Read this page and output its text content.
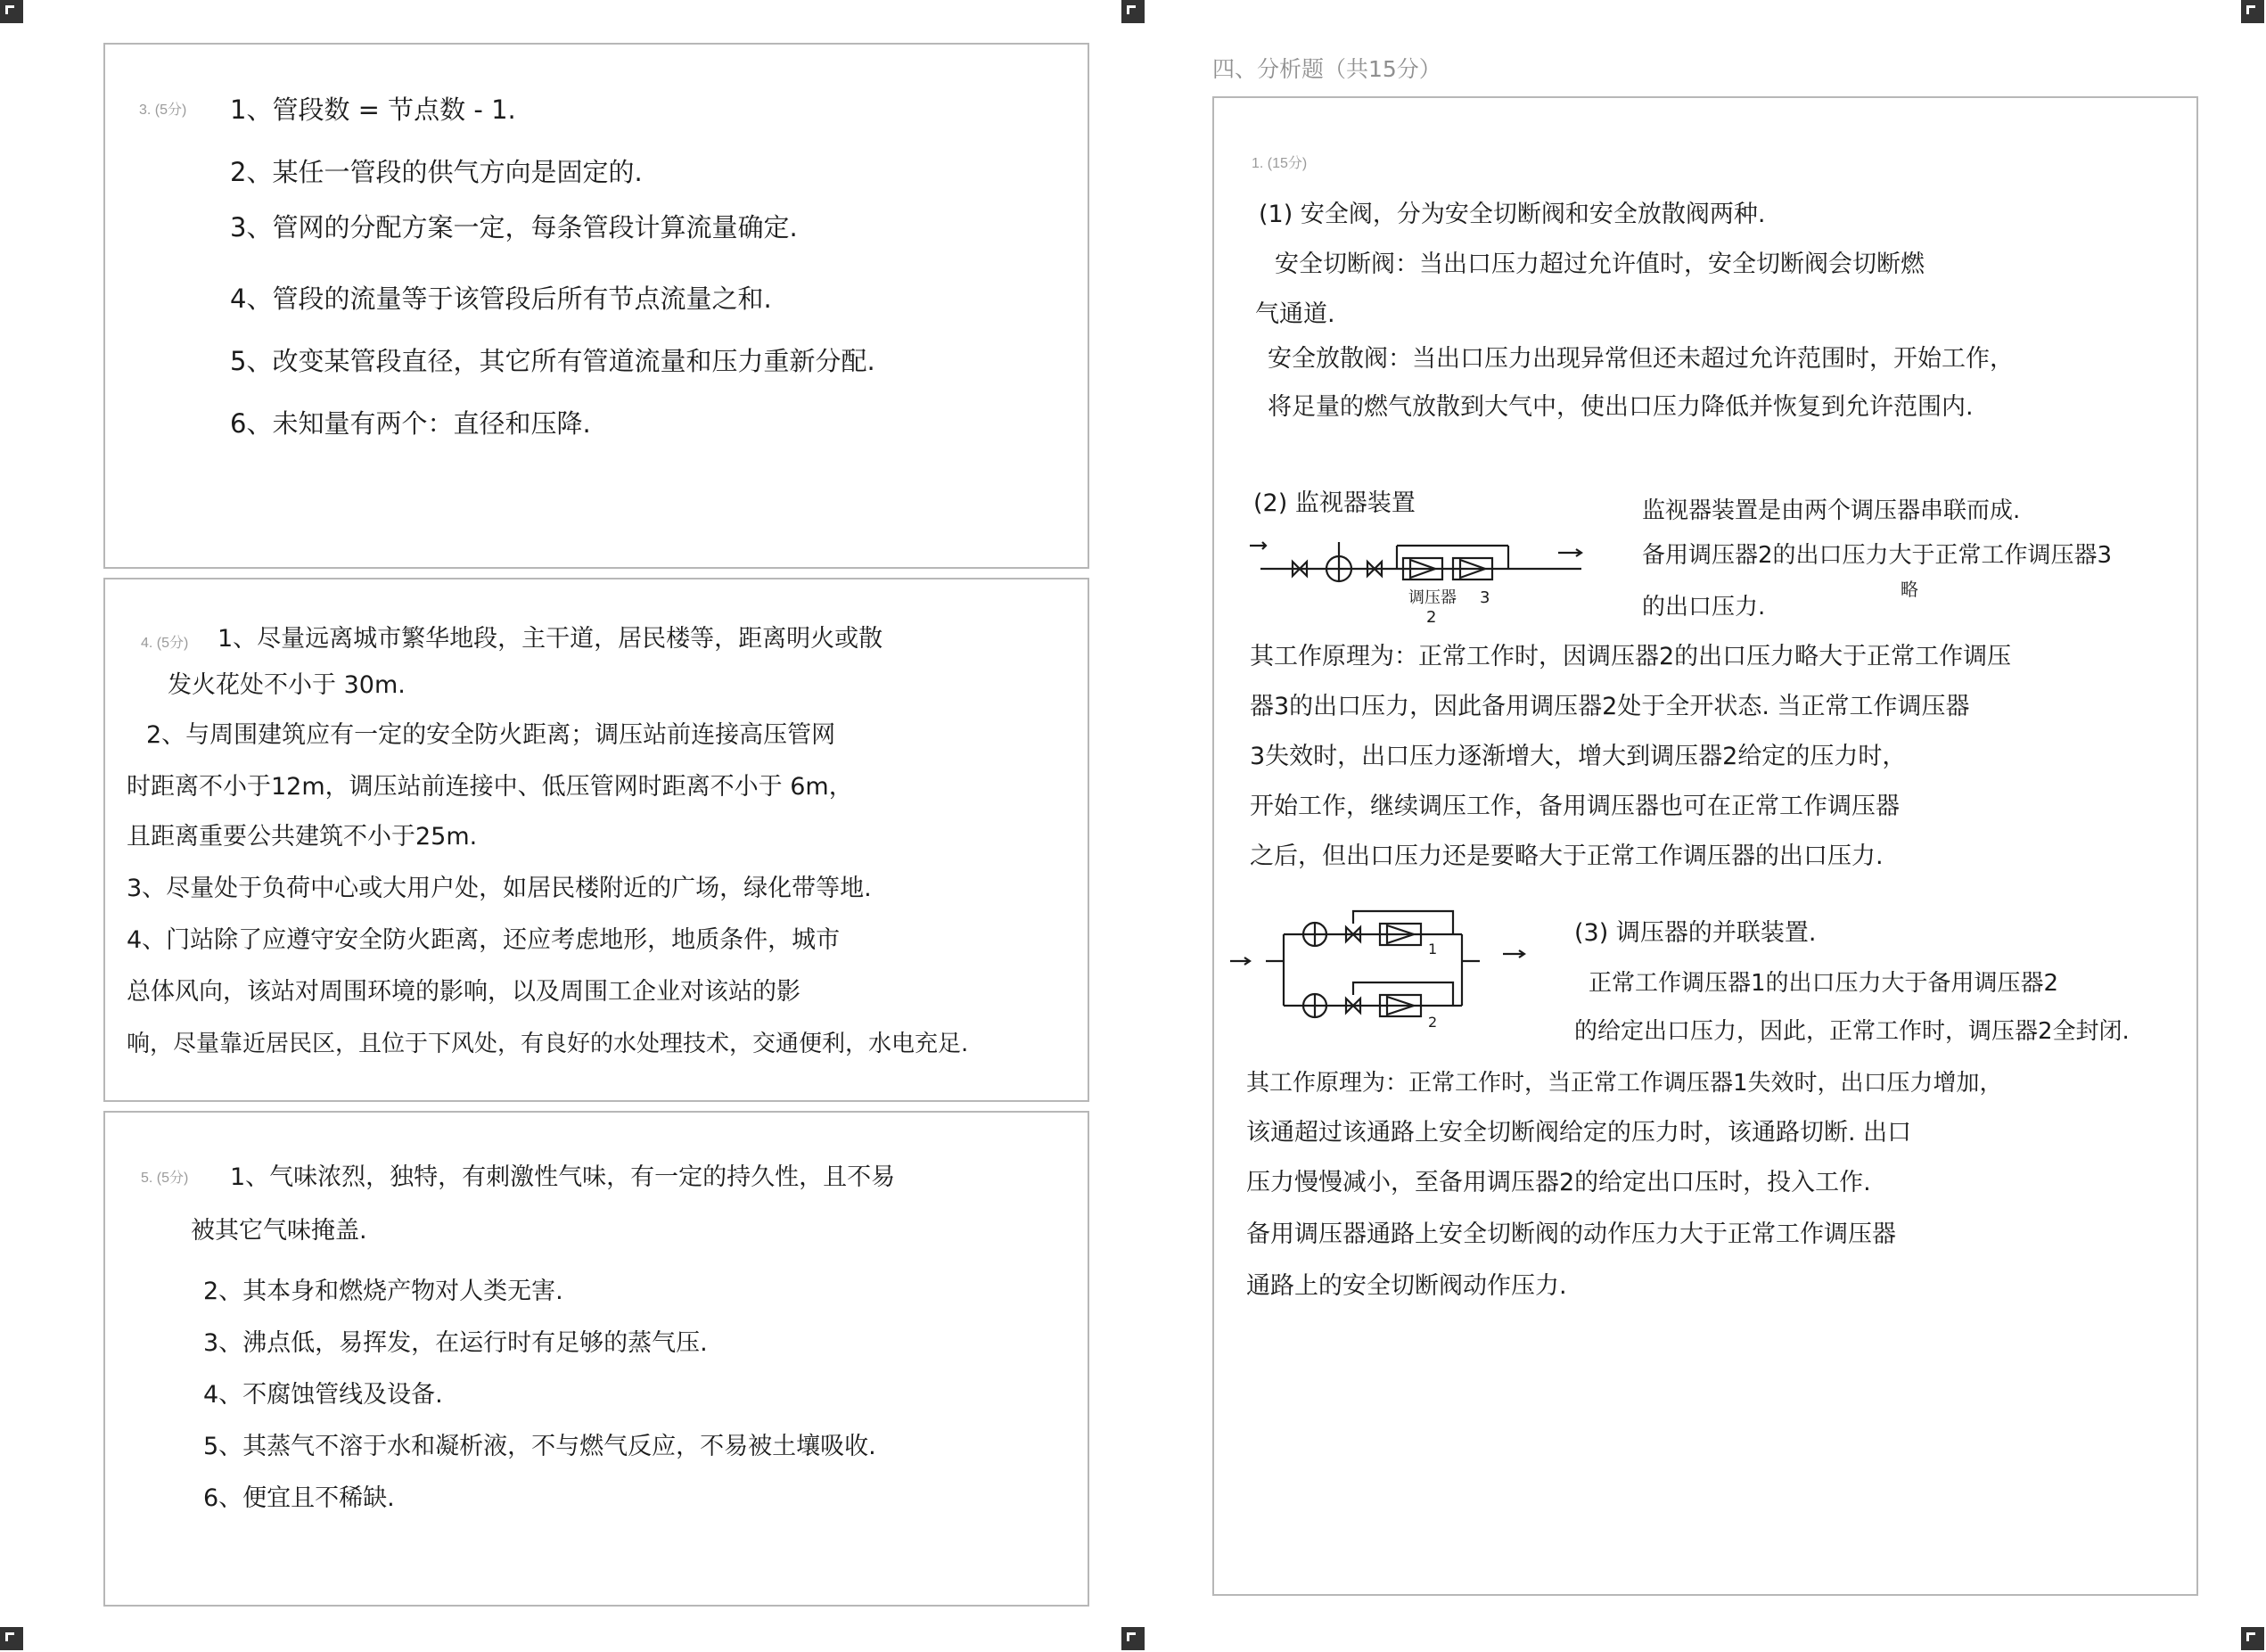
3. (5分) 1、管段数 = 节点数 - 1.
2、某任一管段的供气方向是固定的.
3、管网的分配方案一定，每条管段计算流量确定.
4、管段的流量等于该管段后所有节点流量之和.
5、改变某管段直径，其它所有管道流量和压力重新分配.
6、未知量有两个：直径和压降.
4. (5分) 1、尽量远离城市繁华地段，主干道，居民楼等，距离明火或散
发火花处不小于 30m.
2、与周围建筑应有一定的安全防火距离；调压站前连接高压管网
时距离不小于12m，调压站前连接中、低压管网时距离不小于 6m，
且距离重要公共建筑不小于25m.
3、尽量处于负荷中心或大用户处，如居民楼附近的广场，绿化带等地.
4、门站除了应遵守安全防火距离，还应考虑地形，地质条件，城市
总体风向，该站对周围环境的影响，以及周围工企业对该站的影
响，尽量靠近居民区，且位于下风处，有良好的水处理技术，交通便利，水电充足.
5. (5分) 1、气味浓烈，独特，有刺激性气味，有一定的持久性，且不易
被其它气味掩盖.
2、其本身和燃烧产物对人类无害.
3、沸点低，易挥发，在运行时有足够的蒸气压.
4、不腐蚀管线及设备.
5、其蒸气不溶于水和凝析液，不与燃气反应，不易被土壤吸收.
6、便宜且不稀缺.
四、分析题（共15分）
1. (15分)
(1) 安全阀，分为安全切断阀和安全放散阀两种.
安全切断阀：当出口压力超过允许值时，安全切断阀会切断燃
气通道.
安全放散阀：当出口压力出现异常但还未超过允许范围时，开始工作，
将足量的燃气放散到大气中，使出口压力降低并恢复到允许范围内.
(2) 监视器装置	监视器装置是由两个调压器串联而成.
备用调压器2的出口压力大于正常工作调压器3
略
的出口压力.
调压器
2
3
其工作原理为：正常工作时，因调压器2的出口压力略大于正常工作调压
器3的出口压力，因此备用调压器2处于全开状态. 当正常工作调压器
3失效时，出口压力逐渐增大，增大到调压器2给定的压力时，
开始工作，继续调压工作，备用调压器也可在正常工作调压器
之后，但出口压力还是要略大于正常工作调压器的出口压力.
1
2
(3) 调压器的并联装置.
正常工作调压器1的出口压力大于备用调压器2
的给定出口压力，因此，正常工作时，调压器2全封闭.
其工作原理为：正常工作时，当正常工作调压器1失效时，出口压力增加，
该通超过该通路上安全切断阀给定的压力时，该通路切断. 出口
压力慢慢减小，至备用调压器2的给定出口压时，投入工作.
备用调压器通路上安全切断阀的动作压力大于正常工作调压器
通路上的安全切断阀动作压力.
